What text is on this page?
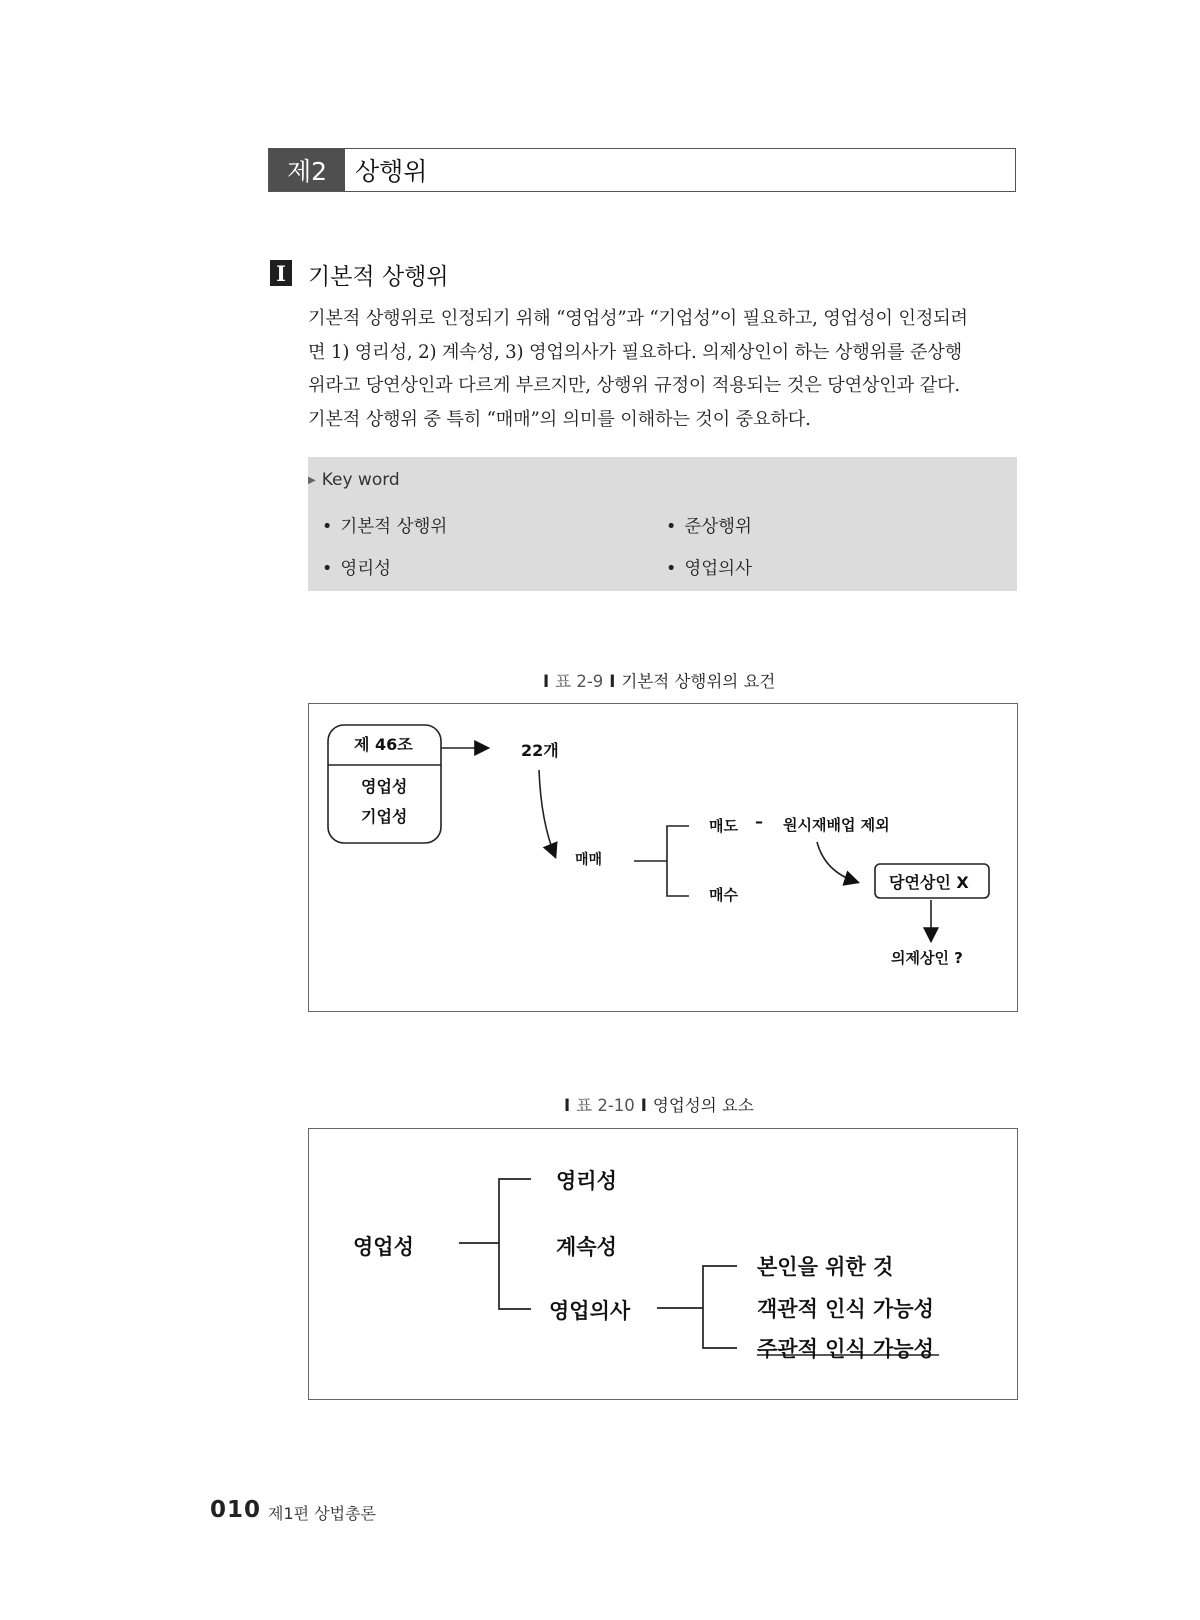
제2	상행위
I 기본적 상행위
기본적 상행위로 인정되기 위해 “영업성”과 “기업성”이 필요하고, 영업성이 인정되려
면 1) 영리성, 2) 계속성, 3) 영업의사가 필요하다. 의제상인이 하는 상행위를 준상행
위라고 당연상인과 다르게 부르지만, 상행위 규정이 적용되는 것은 당연상인과 같다.
기본적 상행위 중 특히 “매매”의 의미를 이해하는 것이 중요하다.
▶ Key word
• 기본적 상행위	• 준상행위
• 영리성	• 영업의사
I 표 2-9 I 기본적 상행위의 요건
제 46조
영업성
기업성
22개
매매
매도 – 원시재배업 제외
매수
당연상인 X
의제상인 ?
I 표 2-10 I 영업성의 요소
영업성
영리성
계속성
영업의사
본인을 위한 것
객관적 인식 가능성
주관적 인식 가능성
010 제1편 상법총론
